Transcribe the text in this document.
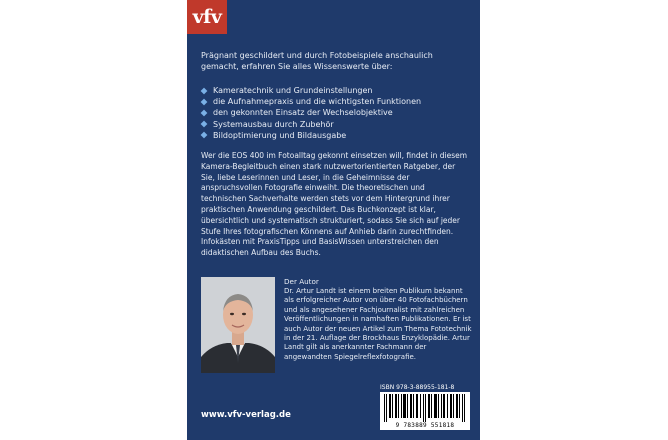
vfv
Prägnant geschildert und durch Fotobeispiele anschaulich gemacht, erfahren Sie alles Wissenswerte über:
Kameratechnik und Grundeinstellungen
die Aufnahmepraxis und die wichtigsten Funktionen
den gekonnten Einsatz der Wechselobjektive
Systemausbau durch Zubehör
Bildoptimierung und Bildausgabe
Wer die EOS 400 im Fotoalltag gekonnt einsetzen will, findet in diesem Kamera-Begleitbuch einen stark nutzwertorientierten Ratgeber, der Sie, liebe Leserinnen und Leser, in die Geheimnisse der anspruchsvollen Fotografie einweiht. Die theoretischen und technischen Sachverhalte werden stets vor dem Hintergrund ihrer praktischen Anwendung geschildert. Das Buchkonzept ist klar, übersichtlich und systematisch strukturiert, sodass Sie sich auf jeder Stufe Ihres fotografischen Könnens auf Anhieb darin zurechtfinden. Infokästen mit PraxisTipps und BasisWissen unterstreichen den didaktischen Aufbau des Buchs.
Der Autor
Dr. Artur Landt ist einem breiten Publikum bekannt als erfolgreicher Autor von über 40 Fotofachbüchern und als angesehener Fachjournalist mit zahlreichen Veröffentlichungen in namhaften Publikationen. Er ist auch Autor der neuen Artikel zum Thema Fototechnik in der 21. Auflage der Brockhaus Enzyklopädie. Artur Landt gilt als anerkannter Fachmann der angewandten Spiegelreflexfotografie.
ISBN 978-3-88955-181-8
9 783889 551818
www.vfv-verlag.de
